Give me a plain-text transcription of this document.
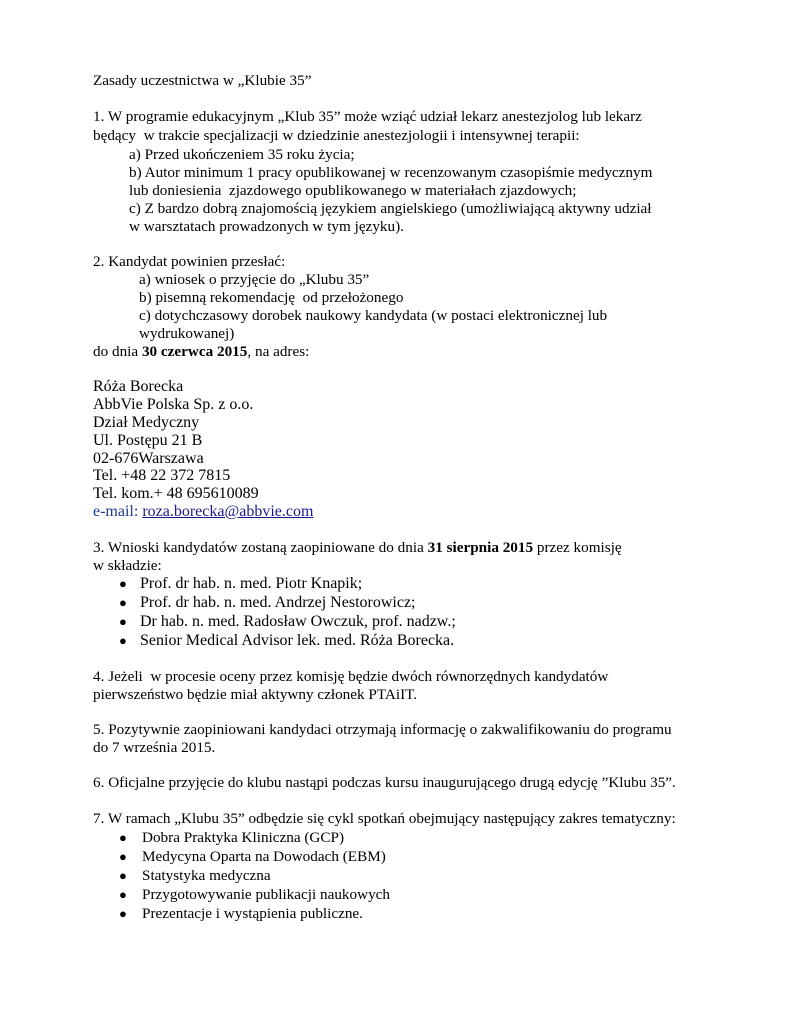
Zasady uczestnictwa w „Klubie 35”
1. W programie edukacyjnym „Klub 35” może wziąć udział lekarz anestezjolog lub lekarz
będący  w trakcie specjalizacji w dziedzinie anestezjologii i intensywnej terapii:
a) Przed ukończeniem 35 roku życia;
b) Autor minimum 1 pracy opublikowanej w recenzowanym czasopiśmie medycznym
lub doniesienia  zjazdowego opublikowanego w materiałach zjazdowych;
c) Z bardzo dobrą znajomością językiem angielskiego (umożliwiającą aktywny udział
w warsztatach prowadzonych w tym języku).
2. Kandydat powinien przesłać:
a) wniosek o przyjęcie do „Klubu 35”
b) pisemną rekomendację  od przełożonego
c) dotychczasowy dorobek naukowy kandydata (w postaci elektronicznej lub
wydrukowanej)
do dnia 30 czerwca 2015, na adres:
Róża Borecka
AbbVie Polska Sp. z o.o.
Dział Medyczny
Ul. Postępu 21 B
02-676Warszawa
Tel. +48 22 372 7815
Tel. kom.+ 48 695610089
e-mail: roza.borecka@abbvie.com
3. Wnioski kandydatów zostaną zaopiniowane do dnia 31 sierpnia 2015 przez komisję
w składzie:
● Prof. dr hab. n. med. Piotr Knapik;
● Prof. dr hab. n. med. Andrzej Nestorowicz;
● Dr hab. n. med. Radosław Owczuk, prof. nadzw.;
● Senior Medical Advisor lek. med. Róża Borecka.
4. Jeżeli  w procesie oceny przez komisję będzie dwóch równorzędnych kandydatów
pierwszeństwo będzie miał aktywny członek PTAiIT.
5. Pozytywnie zaopiniowani kandydaci otrzymają informację o zakwalifikowaniu do programu
do 7 września 2015.
6. Oficjalne przyjęcie do klubu nastąpi podczas kursu inaugurującego drugą edycję ”Klubu 35”.
7. W ramach „Klubu 35” odbędzie się cykl spotkań obejmujący następujący zakres tematyczny:
● Dobra Praktyka Kliniczna (GCP)
● Medycyna Oparta na Dowodach (EBM)
● Statystyka medyczna
● Przygotowywanie publikacji naukowych
● Prezentacje i wystąpienia publiczne.
